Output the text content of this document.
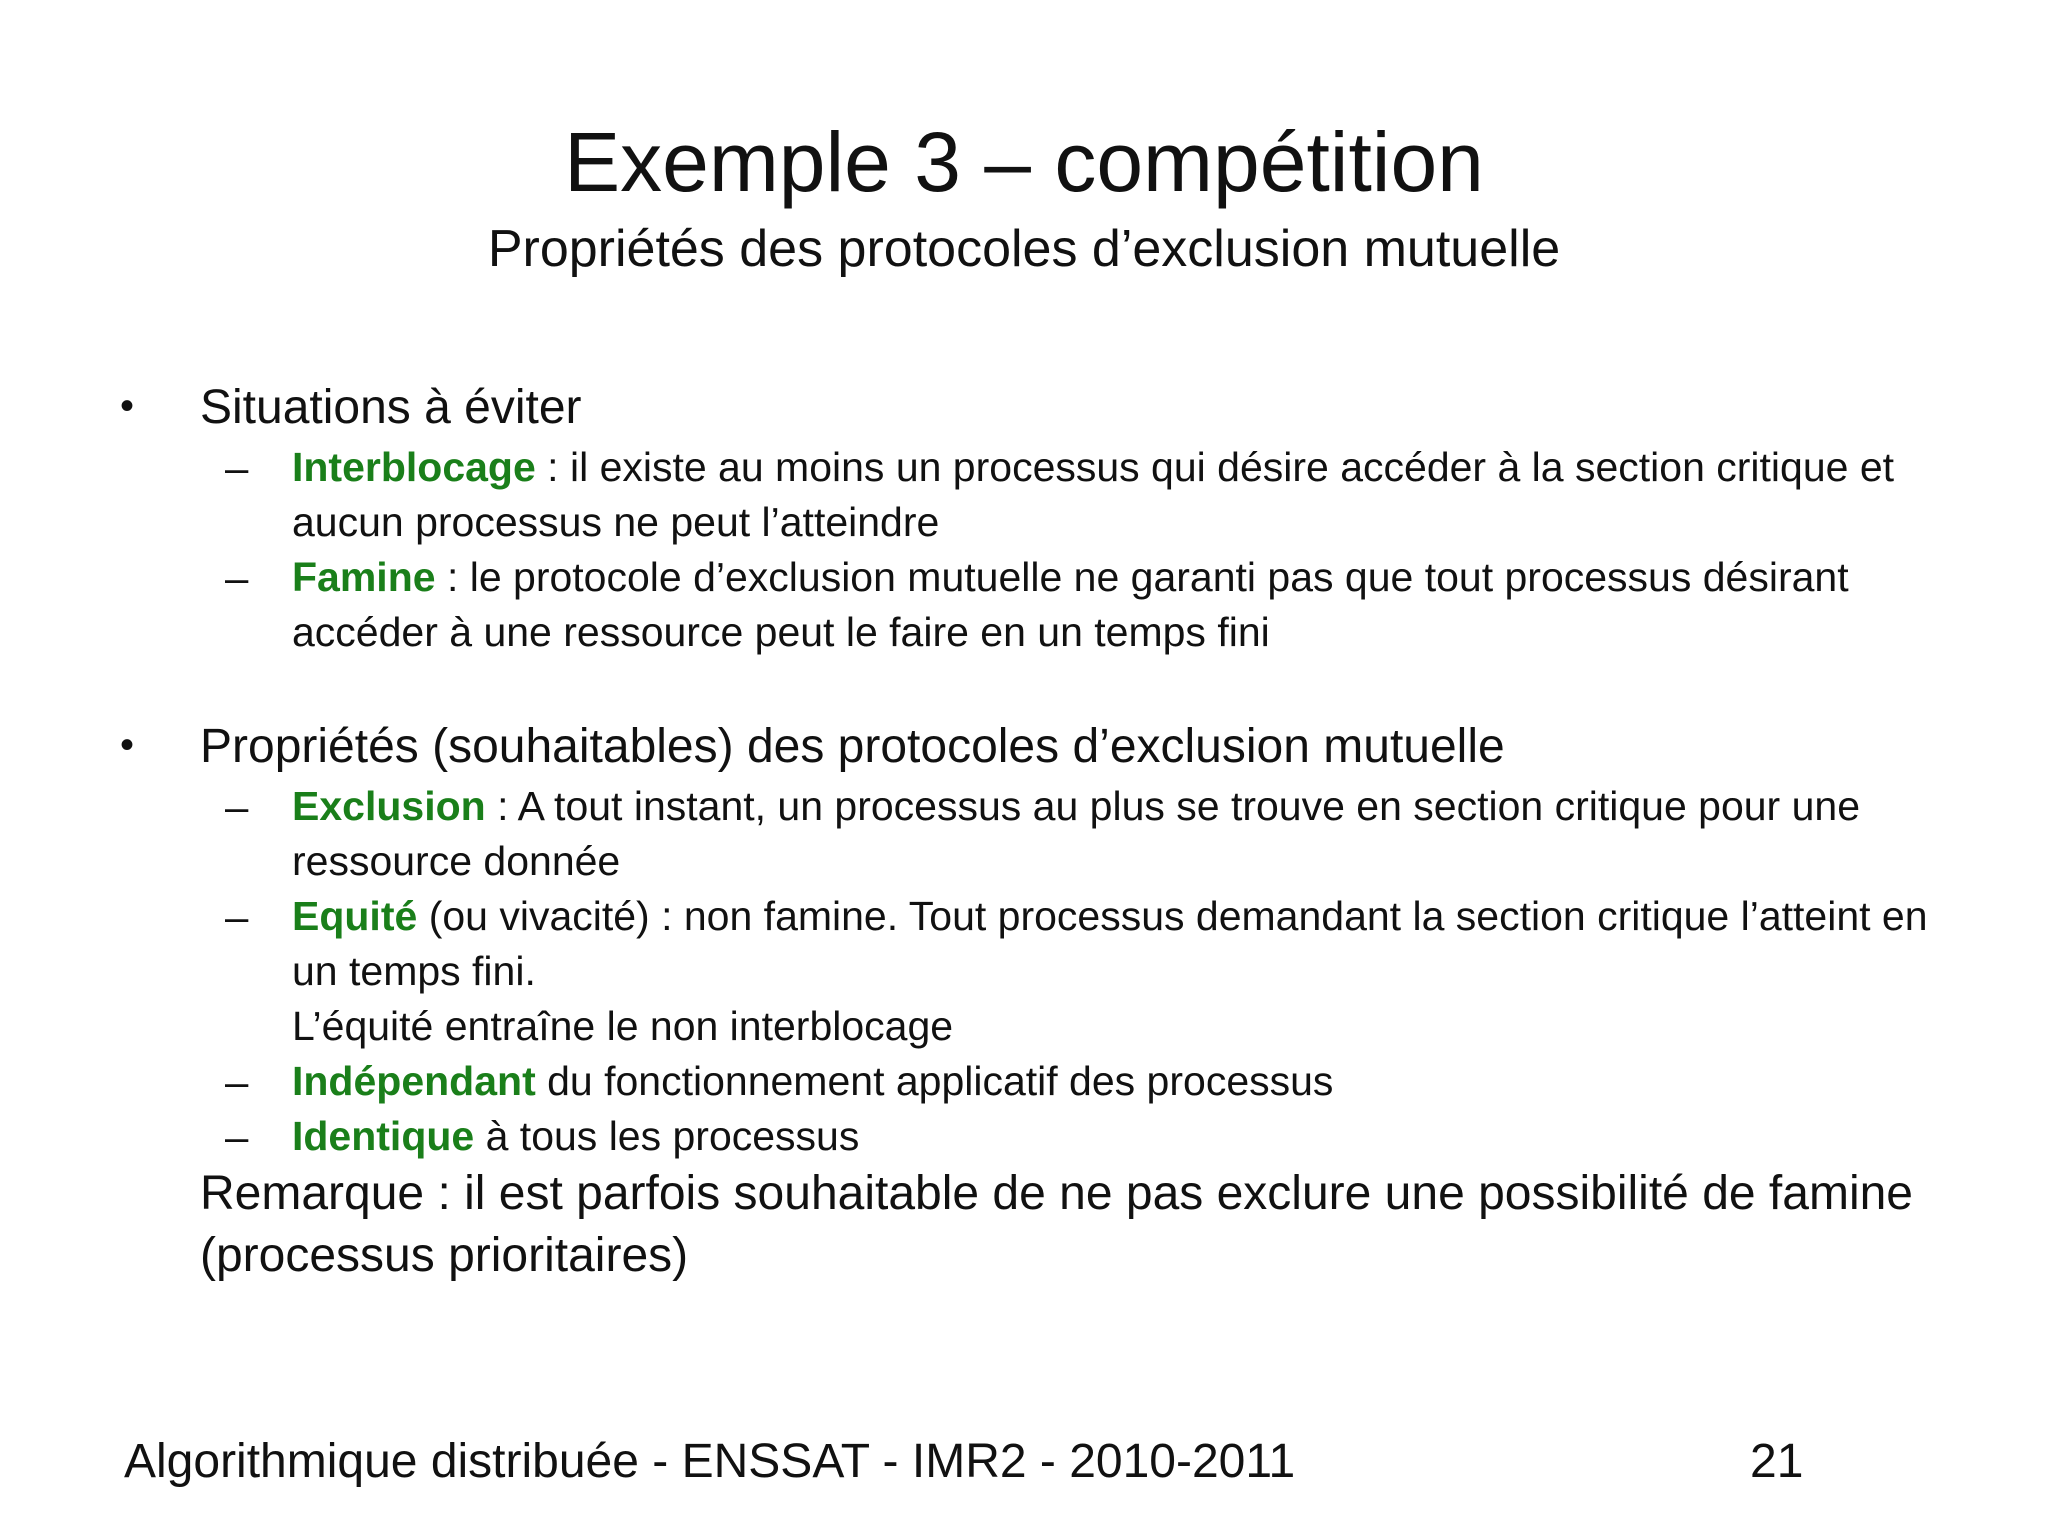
Exemple 3 – compétition
Propriétés des protocoles d’exclusion mutuelle
• Situations à éviter
– Interblocage : il existe au moins un processus qui désire accéder à la section critique et aucun processus ne peut l’atteindre
– Famine : le protocole d’exclusion mutuelle ne garanti pas que tout processus désirant accéder à une ressource peut le faire en un temps fini
• Propriétés (souhaitables) des protocoles d’exclusion mutuelle
– Exclusion : A tout instant, un processus au plus se trouve en section critique pour une ressource donnée
– Equité (ou vivacité) : non famine. Tout processus demandant la section critique l’atteint en un temps fini.
L’équité entraîne le non interblocage
– Indépendant du fonctionnement applicatif des processus
– Identique à tous les processus
Remarque : il est parfois souhaitable de ne pas exclure une possibilité de famine (processus prioritaires)
Algorithmique distribuée - ENSSAT - IMR2 - 2010-2011	21
